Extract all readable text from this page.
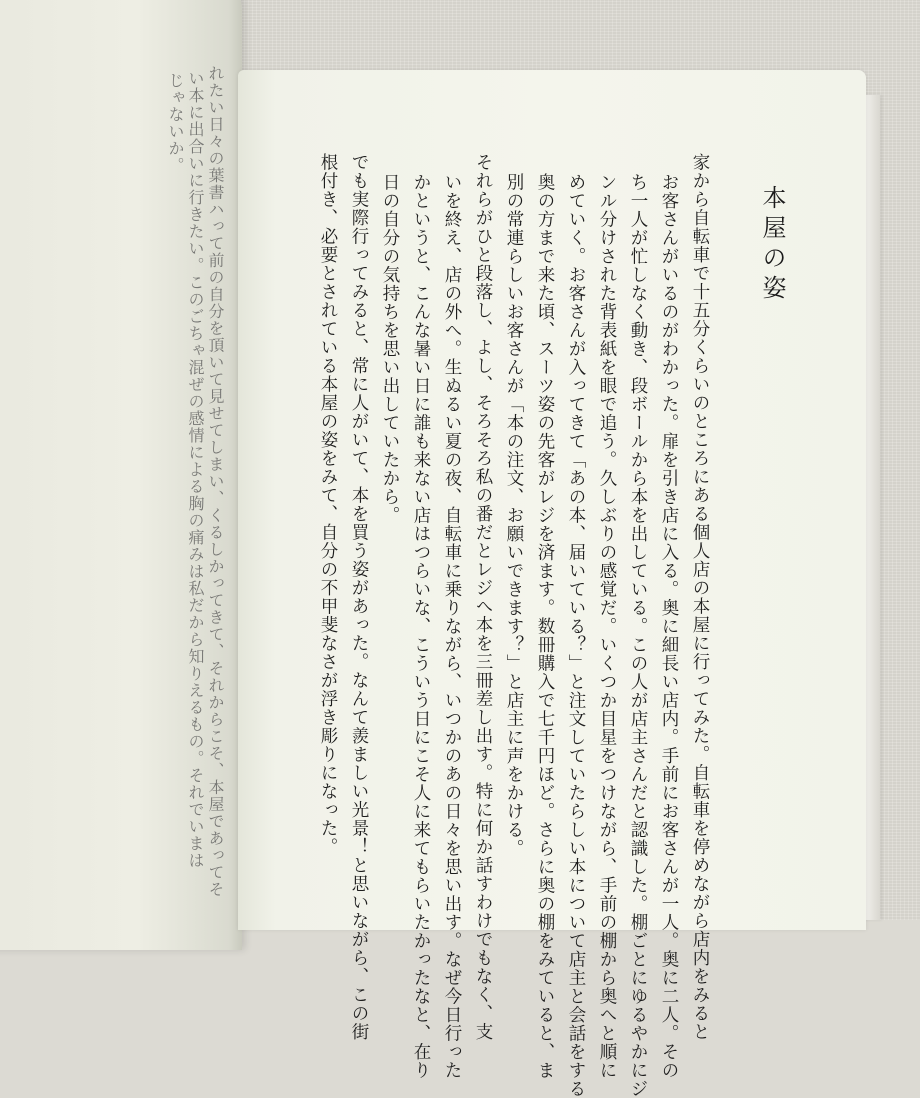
れたい日々の葉書ハって前の自分を頂いて見せてしまい、くるしかってきて、それからこそ、本屋であってそ
い本に出合いに行きたい。このごちゃ混ぜの感情による胸の痛みは私だから知りえるもの。それでいまは
じゃないか。
本屋の姿
家から自転車で十五分くらいのところにある個人店の本屋に行ってみた。自転車を停めながら店内をみると
お客さんがいるのがわかった。扉を引き店に入る。奥に細長い店内。手前にお客さんが一人。奥に二人。その
ち一人が忙しなく動き、段ボールから本を出している。この人が店主さんだと認識した。棚ごとにゆるやかにジ
ンル分けされた背表紙を眼で追う。久しぶりの感覚だ。いくつか目星をつけながら、手前の棚から奥へと順に
めていく。お客さんが入ってきて「あの本、届いている？」と注文していたらしい本について店主と会話をする
奥の方まで来た頃、スーツ姿の先客がレジを済ます。数冊購入で七千円ほど。さらに奥の棚をみていると、ま
別の常連らしいお客さんが「本の注文、お願いできます？」と店主に声をかける。
それらがひと段落し、よし、そろそろ私の番だとレジへ本を三冊差し出す。特に何か話すわけでもなく、支
いを終え、店の外へ。生ぬるい夏の夜、自転車に乗りながら、いつかのあの日々を思い出す。なぜ今日行った
かというと、こんな暑い日に誰も来ない店はつらいな、こういう日にこそ人に来てもらいたかったなと、在り
日の自分の気持ちを思い出していたから。
でも実際行ってみると、常に人がいて、本を買う姿があった。なんて羨ましい光景！と思いながら、この街
根付き、必要とされている本屋の姿をみて、自分の不甲斐なさが浮き彫りになった。
